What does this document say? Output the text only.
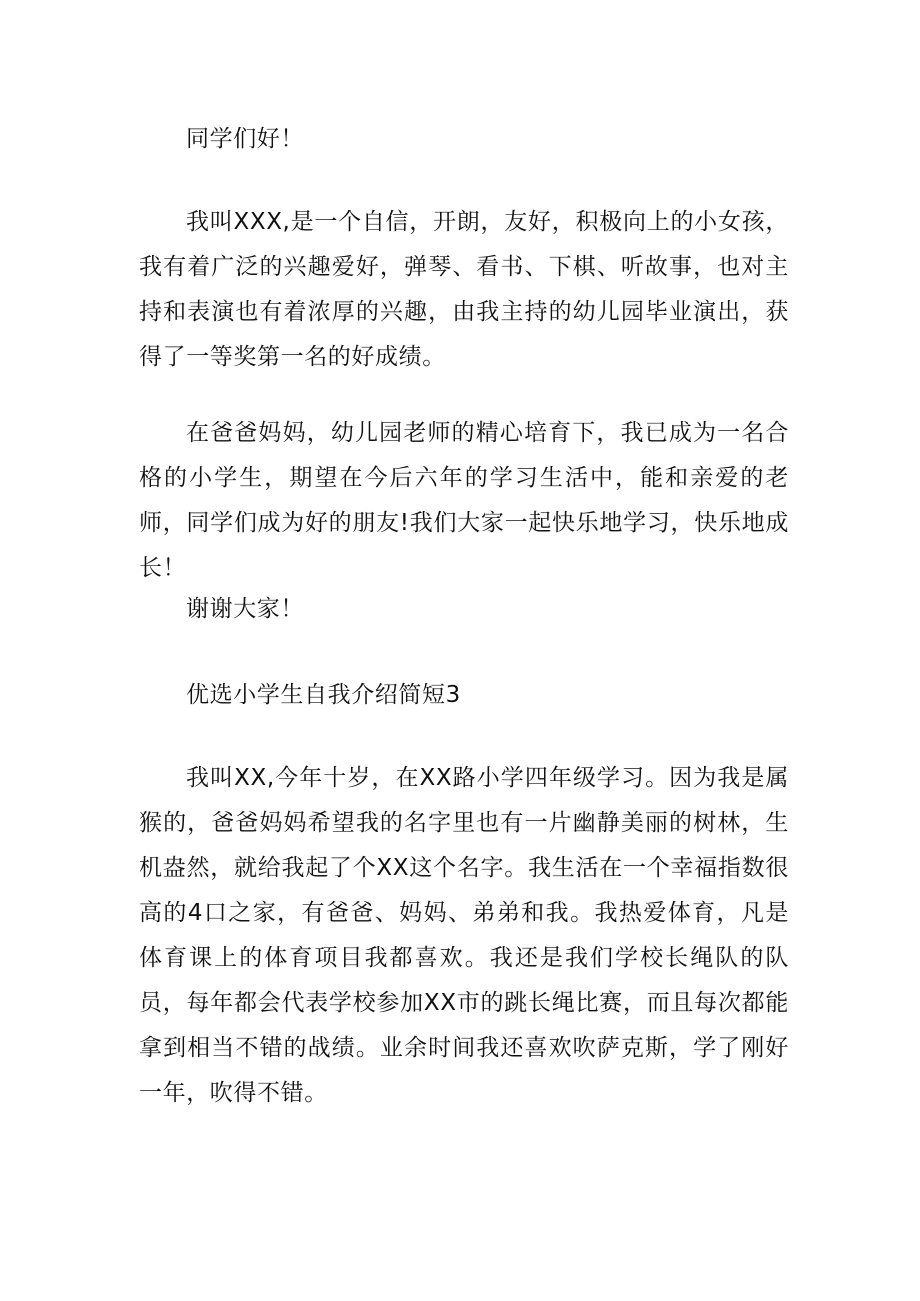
同学们好！

我叫XXX,是一个自信，开朗，友好，积极向上的小女孩，我有着广泛的兴趣爱好，弹琴、看书、下棋、听故事，也对主持和表演也有着浓厚的兴趣，由我主持的幼儿园毕业演出，获得了一等奖第一名的好成绩。

在爸爸妈妈，幼儿园老师的精心培育下，我已成为一名合格的小学生，期望在今后六年的学习生活中，能和亲爱的老师，同学们成为好的朋友!我们大家一起快乐地学习，快乐地成长！

谢谢大家！

优选小学生自我介绍简短3

我叫XX,今年十岁，在XX路小学四年级学习。因为我是属猴的，爸爸妈妈希望我的名字里也有一片幽静美丽的树林，生机盎然，就给我起了个XX这个名字。我生活在一个幸福指数很高的4口之家，有爸爸、妈妈、弟弟和我。我热爱体育，凡是体育课上的体育项目我都喜欢。我还是我们学校长绳队的队员，每年都会代表学校参加XX市的跳长绳比赛，而且每次都能拿到相当不错的战绩。业余时间我还喜欢吹萨克斯，学了刚好一年，吹得不错。
